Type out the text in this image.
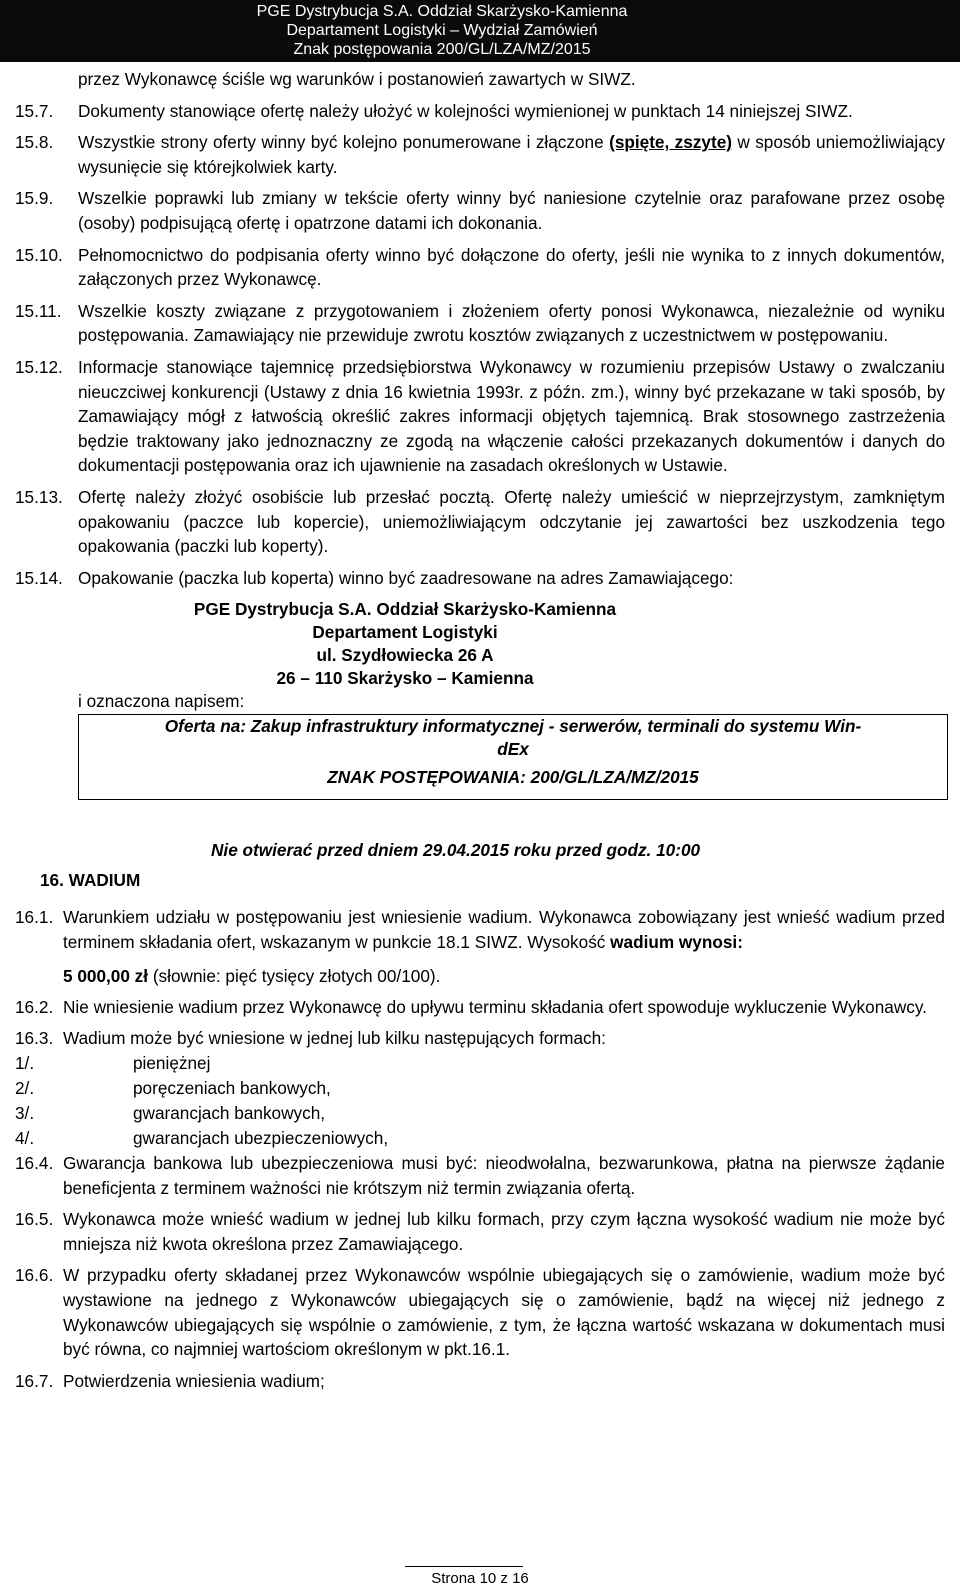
PGE Dystrybucja S.A. Oddział Skarżysko-Kamienna
Departament Logistyki – Wydział Zamówień
Znak postępowania 200/GL/LZA/MZ/2015
przez Wykonawcę ściśle wg warunków i postanowień zawartych w SIWZ.
15.7. Dokumenty stanowiące ofertę należy ułożyć w kolejności wymienionej w punktach 14 niniejszej SIWZ.
15.8. Wszystkie strony oferty winny być kolejno ponumerowane i złączone (spięte, zszyte) w sposób uniemożliwiający wysunięcie się którejkolwiek karty.
15.9. Wszelkie poprawki lub zmiany w tekście oferty winny być naniesione czytelnie oraz parafowane przez osobę (osoby) podpisującą ofertę i opatrzone datami ich dokonania.
15.10. Pełnomocnictwo do podpisania oferty winno być dołączone do oferty, jeśli nie wynika to z innych dokumentów, załączonych przez Wykonawcę.
15.11. Wszelkie koszty związane z przygotowaniem i złożeniem oferty ponosi Wykonawca, niezależnie od wyniku postępowania. Zamawiający nie przewiduje zwrotu kosztów związanych z uczestnictwem w postępowaniu.
15.12. Informacje stanowiące tajemnicę przedsiębiorstwa Wykonawcy w rozumieniu przepisów Ustawy o zwalczaniu nieuczciwej konkurencji (Ustawy z dnia 16 kwietnia 1993r. z późn. zm.), winny być przekazane w taki sposób, by Zamawiający mógł z łatwością określić zakres informacji objętych tajemnicą. Brak stosownego zastrzeżenia będzie traktowany jako jednoznaczny ze zgodą na włączenie całości przekazanych dokumentów i danych do dokumentacji postępowania oraz ich ujawnienie na zasadach określonych w Ustawie.
15.13. Ofertę należy złożyć osobiście lub przesłać pocztą. Ofertę należy umieścić w nieprzejrzystym, zamkniętym opakowaniu (paczce lub kopercie), uniemożliwiającym odczytanie jej zawartości bez uszkodzenia tego opakowania (paczki lub koperty).
15.14. Opakowanie (paczka lub koperta) winno być zaadresowane na adres Zamawiającego:
PGE Dystrybucja S.A. Oddział Skarżysko-Kamienna
Departament Logistyki
ul. Szydłowiecka 26 A
26 – 110 Skarżysko – Kamienna
i oznaczona napisem:
Oferta na: Zakup infrastruktury informatycznej - serwerów, terminali do systemu Win-
dEx
ZNAK POSTĘPOWANIA: 200/GL/LZA/MZ/2015
Nie otwierać przed dniem 29.04.2015 roku przed godz. 10:00
16. WADIUM
16.1. Warunkiem udziału w postępowaniu jest wniesienie wadium. Wykonawca zobowiązany jest wnieść wadium przed terminem składania ofert, wskazanym w punkcie 18.1 SIWZ. Wysokość wadium wynosi:
5 000,00 zł (słownie: pięć tysięcy złotych 00/100).
16.2. Nie wniesienie wadium przez Wykonawcę do upływu terminu składania ofert spowoduje wykluczenie Wykonawcy.
16.3. Wadium może być wniesione w jednej lub kilku następujących formach:
1/.	pieniężnej
2/.	poręczeniach bankowych,
3/.	gwarancjach bankowych,
4/.	gwarancjach ubezpieczeniowych,
16.4. Gwarancja bankowa lub ubezpieczeniowa musi być: nieodwołalna, bezwarunkowa, płatna na pierwsze żądanie beneficjenta z terminem ważności nie krótszym niż termin związania ofertą.
16.5. Wykonawca może wnieść wadium w jednej lub kilku formach, przy czym łączna wysokość wadium nie może być mniejsza niż kwota określona przez Zamawiającego.
16.6. W przypadku oferty składanej przez Wykonawców wspólnie ubiegających się o zamówienie, wadium może być wystawione na jednego z Wykonawców ubiegających się o zamówienie, bądź na więcej niż jednego z Wykonawców ubiegających się wspólnie o zamówienie, z tym, że łączna wartość wskazana w dokumentach musi być równa, co najmniej wartościom określonym w pkt.16.1.
16.7. Potwierdzenia wniesienia wadium;
Strona 10 z 16
